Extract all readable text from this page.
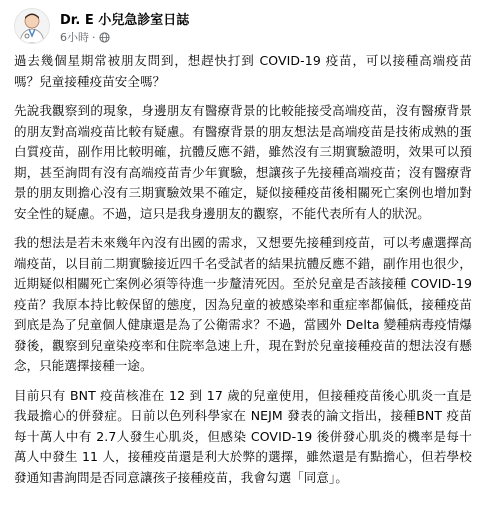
Dr. E 小兒急診室日誌
6小時 ·

過去幾個星期常被朋友問到，想趕快打到 COVID-19 疫苗，可以接種高端疫苗嗎？兒童接種疫苗安全嗎？

先說我觀察到的現象，身邊朋友有醫療背景的比較能接受高端疫苗，沒有醫療背景的朋友對高端疫苗比較有疑慮。有醫療背景的朋友想法是高端疫苗是技術成熟的蛋白質疫苗，副作用比較明確，抗體反應不錯，雖然沒有三期實驗證明，效果可以預期，甚至詢問有沒有高端疫苗青少年實驗，想讓孩子先接種高端疫苗；沒有醫療背景的朋友則擔心沒有三期實驗效果不確定，疑似接種疫苗後相關死亡案例也增加對安全性的疑慮。不過，這只是我身邊朋友的觀察，不能代表所有人的狀況。

我的想法是若未來幾年內沒有出國的需求，又想要先接種到疫苗，可以考慮選擇高端疫苗，以目前二期實驗接近四千名受試者的結果抗體反應不錯，副作用也很少，近期疑似相關死亡案例必須等待進一步釐清死因。至於兒童是否該接種 COVID-19 疫苗？我原本持比較保留的態度，因為兒童的被感染率和重症率都偏低，接種疫苗到底是為了兒童個人健康還是為了公衛需求？不過，當國外 Delta 變種病毒疫情爆發後，觀察到兒童染疫率和住院率急速上升，現在對於兒童接種疫苗的想法沒有懸念，只能選擇接種一途。

目前只有 BNT 疫苗核准在 12 到 17 歲的兒童使用，但接種疫苗後心肌炎一直是我最擔心的併發症。日前以色列科學家在 NEJM 發表的論文指出，接種BNT 疫苗每十萬人中有 2.7人發生心肌炎，但感染 COVID-19 後併發心肌炎的機率是每十萬人中發生 11 人，接種疫苗還是利大於弊的選擇，雖然還是有點擔心，但若學校發通知書詢問是否同意讓孩子接種疫苗，我會勾選「同意」。
